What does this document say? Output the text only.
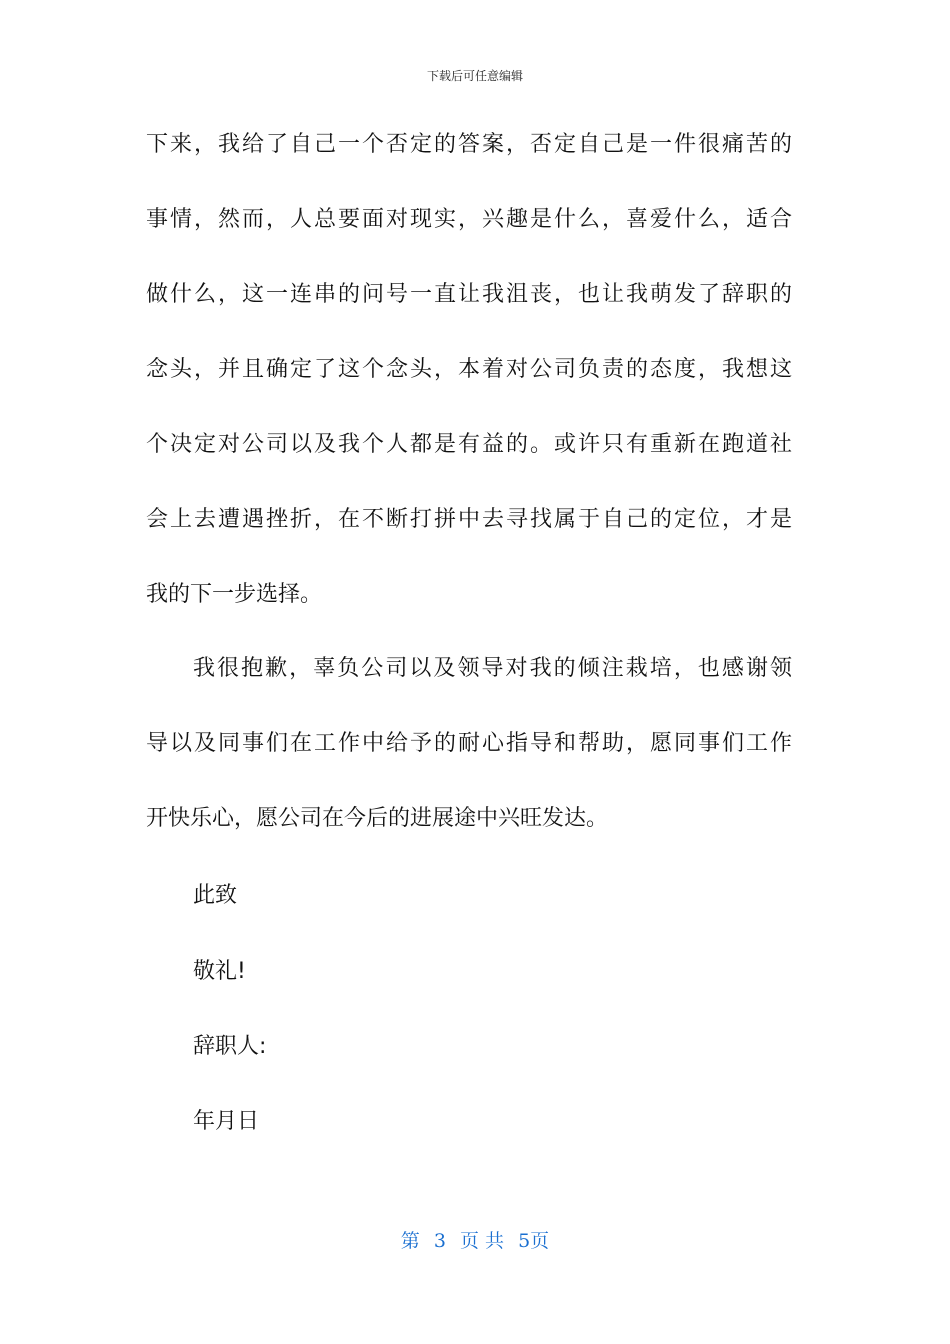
下载后可任意编辑
下来，我给了自己一个否定的答案，否定自己是一件很痛苦的
事情，然而，人总要面对现实，兴趣是什么，喜爱什么，适合
做什么，这一连串的问号一直让我沮丧，也让我萌发了辞职的
念头，并且确定了这个念头，本着对公司负责的态度，我想这
个决定对公司以及我个人都是有益的。或许只有重新在跑道社
会上去遭遇挫折，在不断打拼中去寻找属于自己的定位，才是
我的下一步选择。
我很抱歉，辜负公司以及领导对我的倾注栽培，也感谢领
导以及同事们在工作中给予的耐心指导和帮助，愿同事们工作
开快乐心，愿公司在今后的进展途中兴旺发达。
此致
敬礼!
辞职人:
年月日
第 3 页 共 5页
